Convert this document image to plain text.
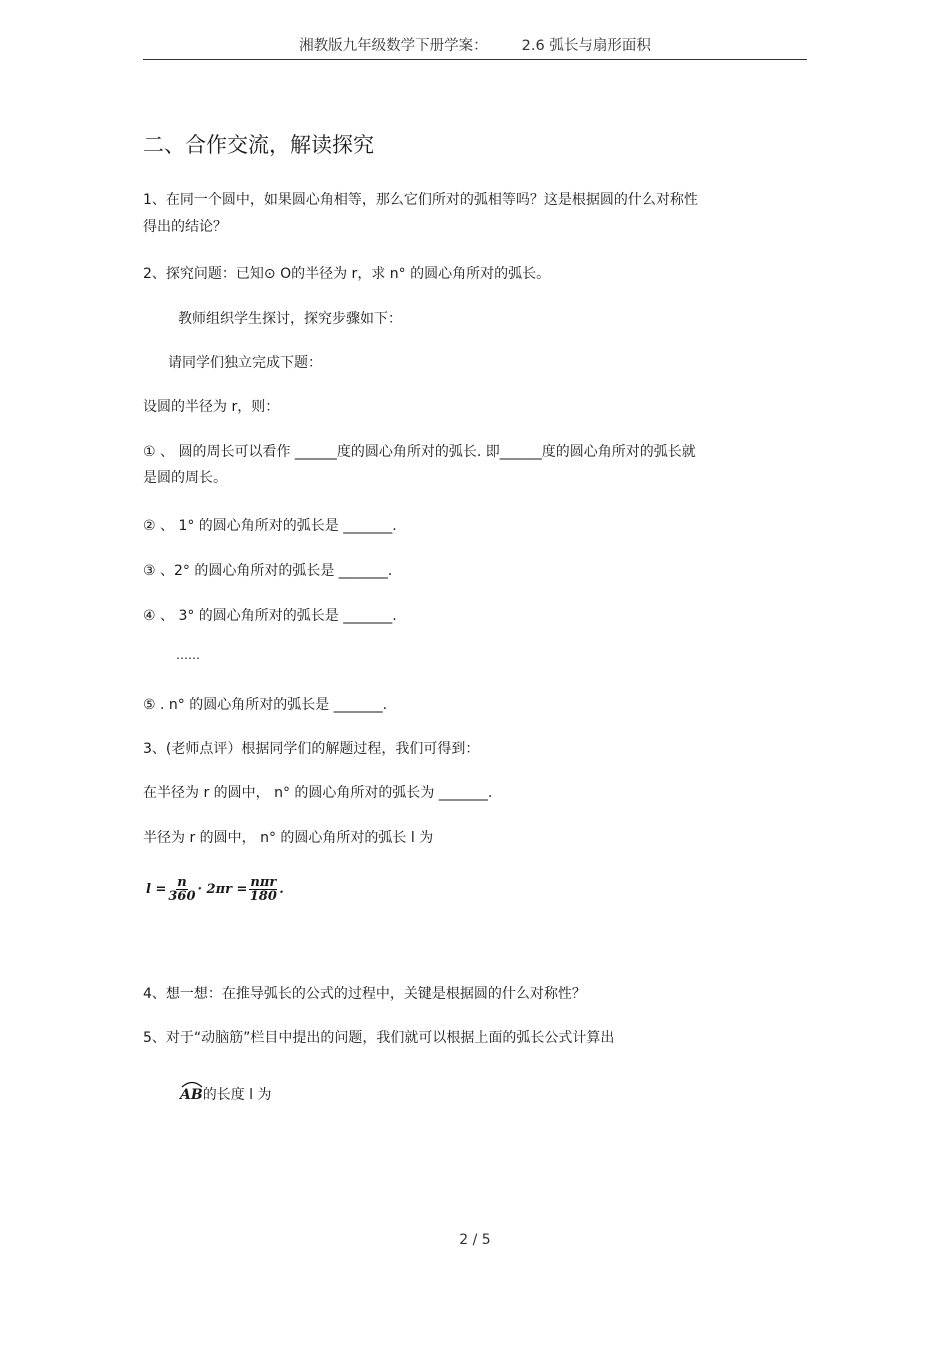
湘教版九年级数学下册学案： 2.6 弧长与扇形面积
二、合作交流，解读探究
1、在同一个圆中，如果圆心角相等，那么它们所对的弧相等吗？这是根据圆的什么对称性
得出的结论？
2、探究问题：已知⊙ O的半径为 r，求 n° 的圆心角所对的弧长。
教师组织学生探讨，探究步骤如下：
请同学们独立完成下题：
设圆的半径为 r，则：
① 、 圆的周长可以看作 ______度的圆心角所对的弧长. 即______度的圆心角所对的弧长就
是圆的周长。
② 、 1° 的圆心角所对的弧长是 _______.
③ 、2° 的圆心角所对的弧长是 _______.
④ 、 3° 的圆心角所对的弧长是 _______.
……
⑤ . n° 的圆心角所对的弧长是 _______.
3、(老师点评）根据同学们的解题过程，我们可得到：
在半径为 r 的圆中， n° 的圆心角所对的弧长为 _______.
半径为 r 的圆中， n° 的圆心角所对的弧长 l 为
$l = \frac{n}{360} \cdot 2\pi r = \frac{\text{nπr}}{180}$ .
4、想一想：在推导弧长的公式的过程中，关键是根据圆的什么对称性？
5、对于“动脑筋”栏目中提出的问题，我们就可以根据上面的弧长公式计算出
AB的长度 l 为
2 / 5
